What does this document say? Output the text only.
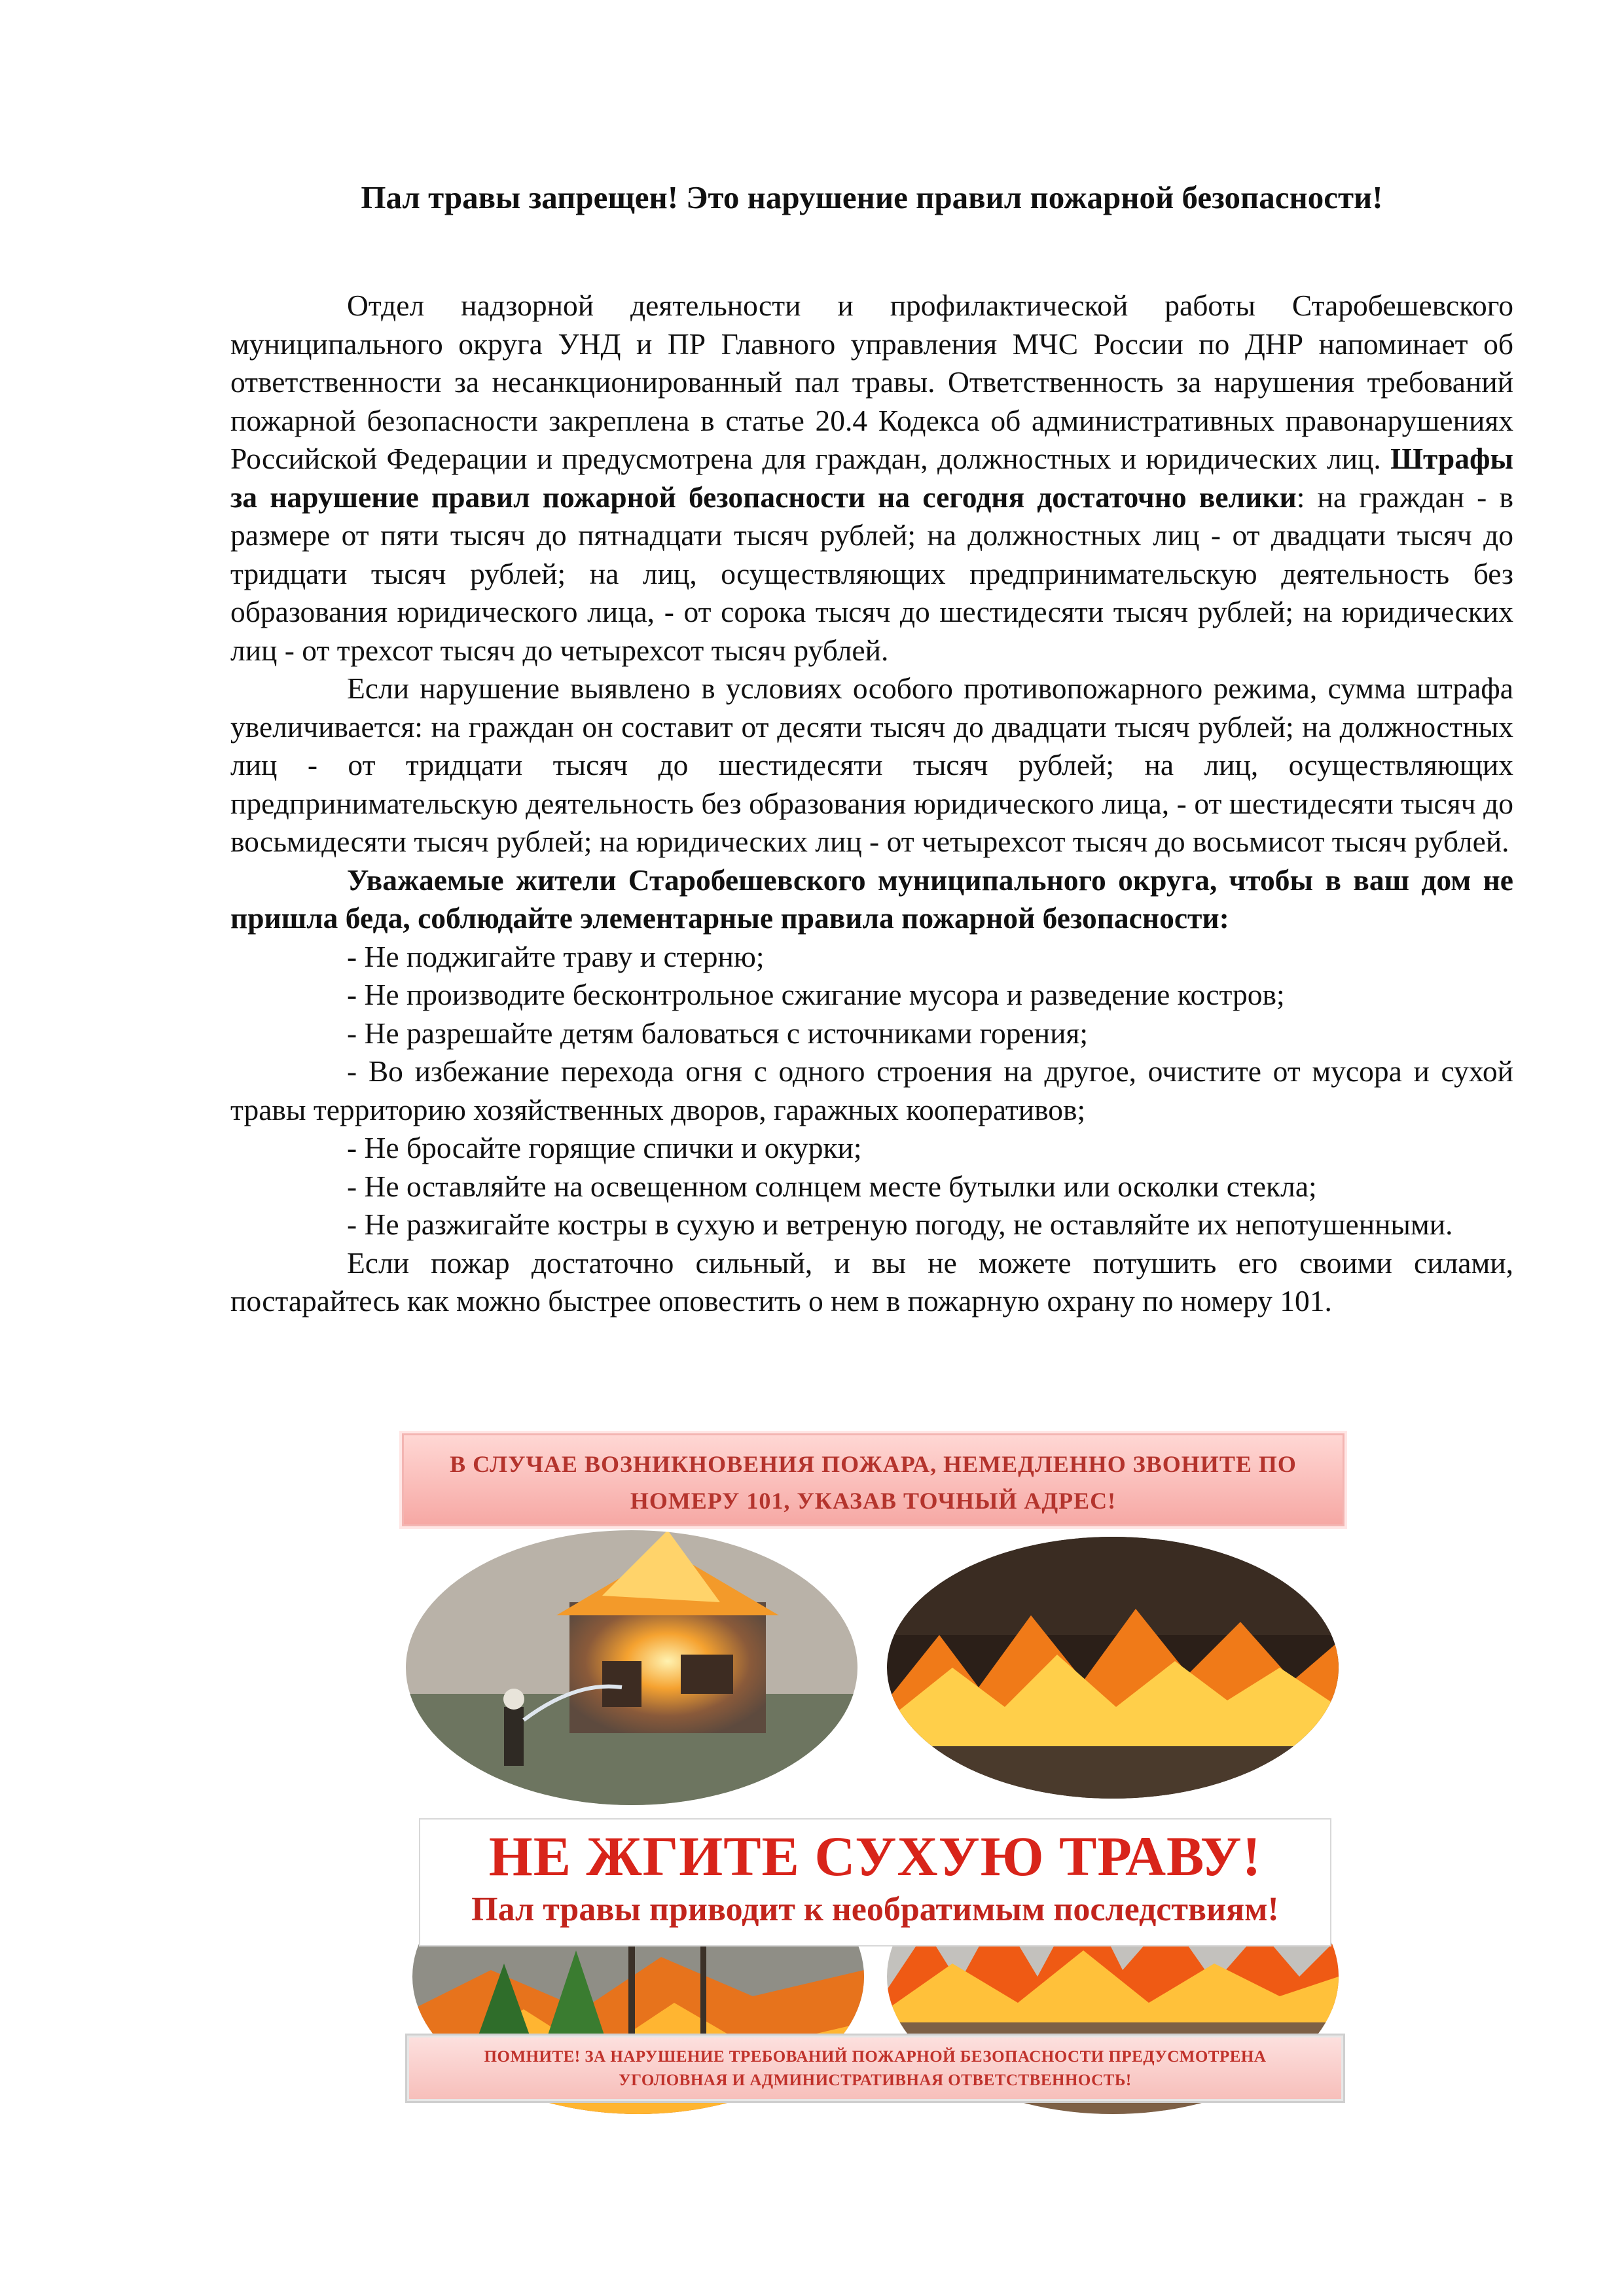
Пал травы запрещен! Это нарушение правил пожарной безопасности!

Отдел надзорной деятельности и профилактической работы Старобешевского муниципального округа УНД и ПР Главного управления МЧС России по ДНР напоминает об ответственности за несанкционированный пал травы. Ответственность за нарушения требований пожарной безопасности закреплена в статье 20.4 Кодекса об административных правонарушениях Российской Федерации и предусмотрена для граждан, должностных и юридических лиц. Штрафы за нарушение правил пожарной безопасности на сегодня достаточно велики: на граждан - в размере от пяти тысяч до пятнадцати тысяч рублей; на должностных лиц - от двадцати тысяч до тридцати тысяч рублей; на лиц, осуществляющих предпринимательскую деятельность без образования юридического лица, - от сорока тысяч до шестидесяти тысяч рублей; на юридических лиц - от трехсот тысяч до четырехсот тысяч рублей.

Если нарушение выявлено в условиях особого противопожарного режима, сумма штрафа увеличивается: на граждан он составит от десяти тысяч до двадцати тысяч рублей; на должностных лиц - от тридцати тысяч до шестидесяти тысяч рублей; на лиц, осуществляющих предпринимательскую деятельность без образования юридического лица, - от шестидесяти тысяч до восьмидесяти тысяч рублей; на юридических лиц - от четырехсот тысяч до восьмисот тысяч рублей.

Уважаемые жители Старобешевского муниципального округа, чтобы в ваш дом не пришла беда, соблюдайте элементарные правила пожарной безопасности:

- Не поджигайте траву и стерню;

- Не производите бесконтрольное сжигание мусора и разведение костров;

- Не разрешайте детям баловаться с источниками горения;

- Во избежание перехода огня с одного строения на другое, очистите от мусора и сухой травы территорию хозяйственных дворов, гаражных кооперативов;

- Не бросайте горящие спички и окурки;

- Не оставляйте на освещенном солнцем месте бутылки или осколки стекла;

- Не разжигайте костры в сухую и ветреную погоду, не оставляйте их непотушенными.

Если пожар достаточно сильный, и вы не можете потушить его своими силами, постарайтесь как можно быстрее оповестить о нем в пожарную охрану по номеру 101.

В СЛУЧАЕ ВОЗНИКНОВЕНИЯ ПОЖАРА, НЕМЕДЛЕННО ЗВОНИТЕ ПО
НОМЕРУ 101, УКАЗАВ ТОЧНЫЙ АДРЕС!
НЕ ЖГИТЕ СУХУЮ ТРАВУ!
Пал травы приводит к необратимым последствиям!
ПОМНИТЕ! ЗА НАРУШЕНИЕ ТРЕБОВАНИЙ ПОЖАРНОЙ БЕЗОПАСНОСТИ ПРЕДУСМОТРЕНА
УГОЛОВНАЯ И АДМИНИСТРАТИВНАЯ ОТВЕТСТВЕННОСТЬ!
